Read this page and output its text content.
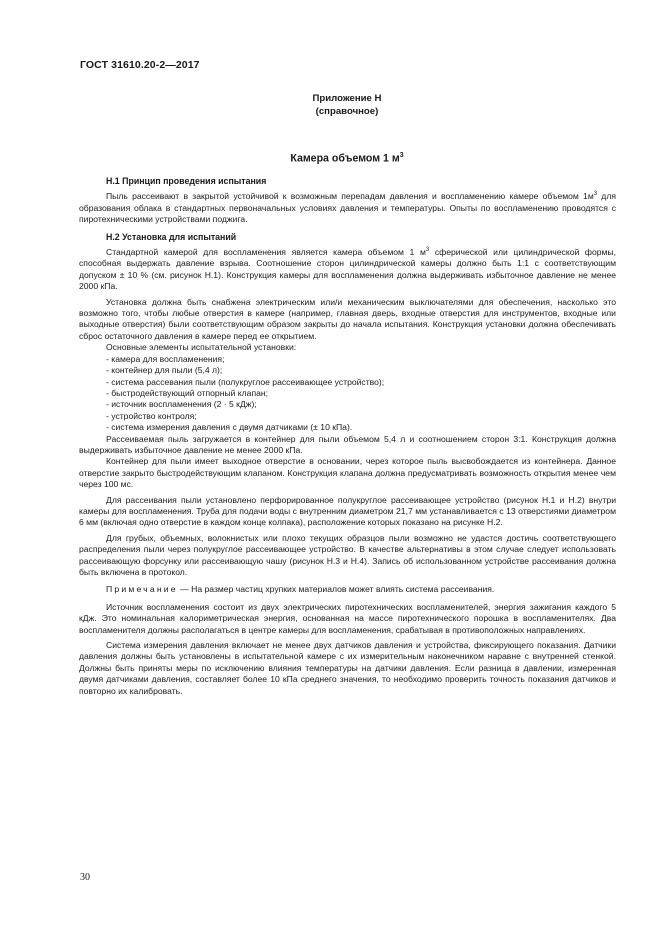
ГОСТ 31610.20-2—2017
Приложение Н
(справочное)
Камера объемом 1 $м^3$
Н.1 Принцип проведения испытания

Пыль рассеивают в закрытой устойчивой к возможным перепадам давления и воспламенению камере объемом $1м^3$ для образования облака в стандартных первоначальных условиях давления и температуры. Опыты по воспламенению проводятся с пиротехническими устройствами поджига.

Н.2 Установка для испытаний

Стандартной камерой для воспламенения является камера объемом 1 $м^3$ сферической или цилиндрической формы, способная выдержать давление взрыва. Соотношение сторон цилиндрической камеры должно быть 1:1 с соответствующим допуском ± 10 % (см. рисунок Н.1). Конструкция камеры для воспламенения должна выдерживать избыточное давление не менее 2000 кПа.

Установка должна быть снабжена электрическим или/и механическим выключателями для обеспечения, насколько это возможно того, чтобы любые отверстия в камере (например, главная дверь, входные отверстия для инструментов, входные или выходные отверстия) были соответствующим образом закрыты до начала испытания. Конструкция установки должна обеспечивать сброс остаточного давления в камере перед ее открытием.

Основные элементы испытательной установки:

- камера для воспламенения;

- контейнер для пыли (5,4 л);

- система рассевания пыли (полукруглое рассеивающее устройство);

- быстродействующий отпорный клапан;

- источник воспламенения (2 · 5 кДж);

- устройство контроля;

- система измерения давления с двумя датчиками (± 10 кПа).

Рассеиваемая пыль загружается в контейнер для пыли объемом 5,4 л и соотношением сторон 3:1. Конструкция должна выдерживать избыточное давление не менее 2000 кПа.

Контейнер для пыли имеет выходное отверстие в основании, через которое пыль высвобождается из контейнера. Данное отверстие закрыто быстродействующим клапаном. Конструкция клапана должна предусматривать возможность открытия менее чем через 100 мс.

Для рассеивания пыли установлено перфорированное полукруглое рассеивающее устройство (рисунок Н.1 и Н.2) внутри камеры для воспламенения. Труба для подачи воды с внутренним диаметром 21,7 мм устанавливается с 13 отверстиями диаметром 6 мм (включая одно отверстие в каждом конце колпака), расположение которых показано на рисунке Н.2.

Для грубых, объемных, волокнистых или плохо текущих образцов пыли возможно не удастся достичь соответствующего распределения пыли через полукруглое рассеивающее устройство. В качестве альтернативы в этом случае следует использовать рассеивающую форсунку или рассеивающую чашу (рисунок Н.3 и Н.4). Запись об использованном устройстве рассеивания должна быть включена в протокол.

Примечание — На размер частиц хрупких материалов может влиять система рассеивания.

Источник воспламенения состоит из двух электрических пиротехнических воспламенителей, энергия зажигания каждого 5 кДж. Это номинальная калориметрическая энергия, основанная на массе пиротехнического порошка в воспламенителях. Два воспламенителя должны располагаться в центре камеры для воспламенения, срабатывая в противоположных направлениях.

Система измерения давления включает не менее двух датчиков давления и устройства, фиксирующего показания. Датчики давления должны быть установлены в испытательной камере с их измерительным наконечником наравне с внутренней стенкой. Должны быть приняты меры по исключению влияния температуры на датчики давления. Если разница в давлении, измеренная двумя датчиками давления, составляет более 10 кПа среднего значения, то необходимо проверить точность показания датчиков и повторно их калибровать.

30
